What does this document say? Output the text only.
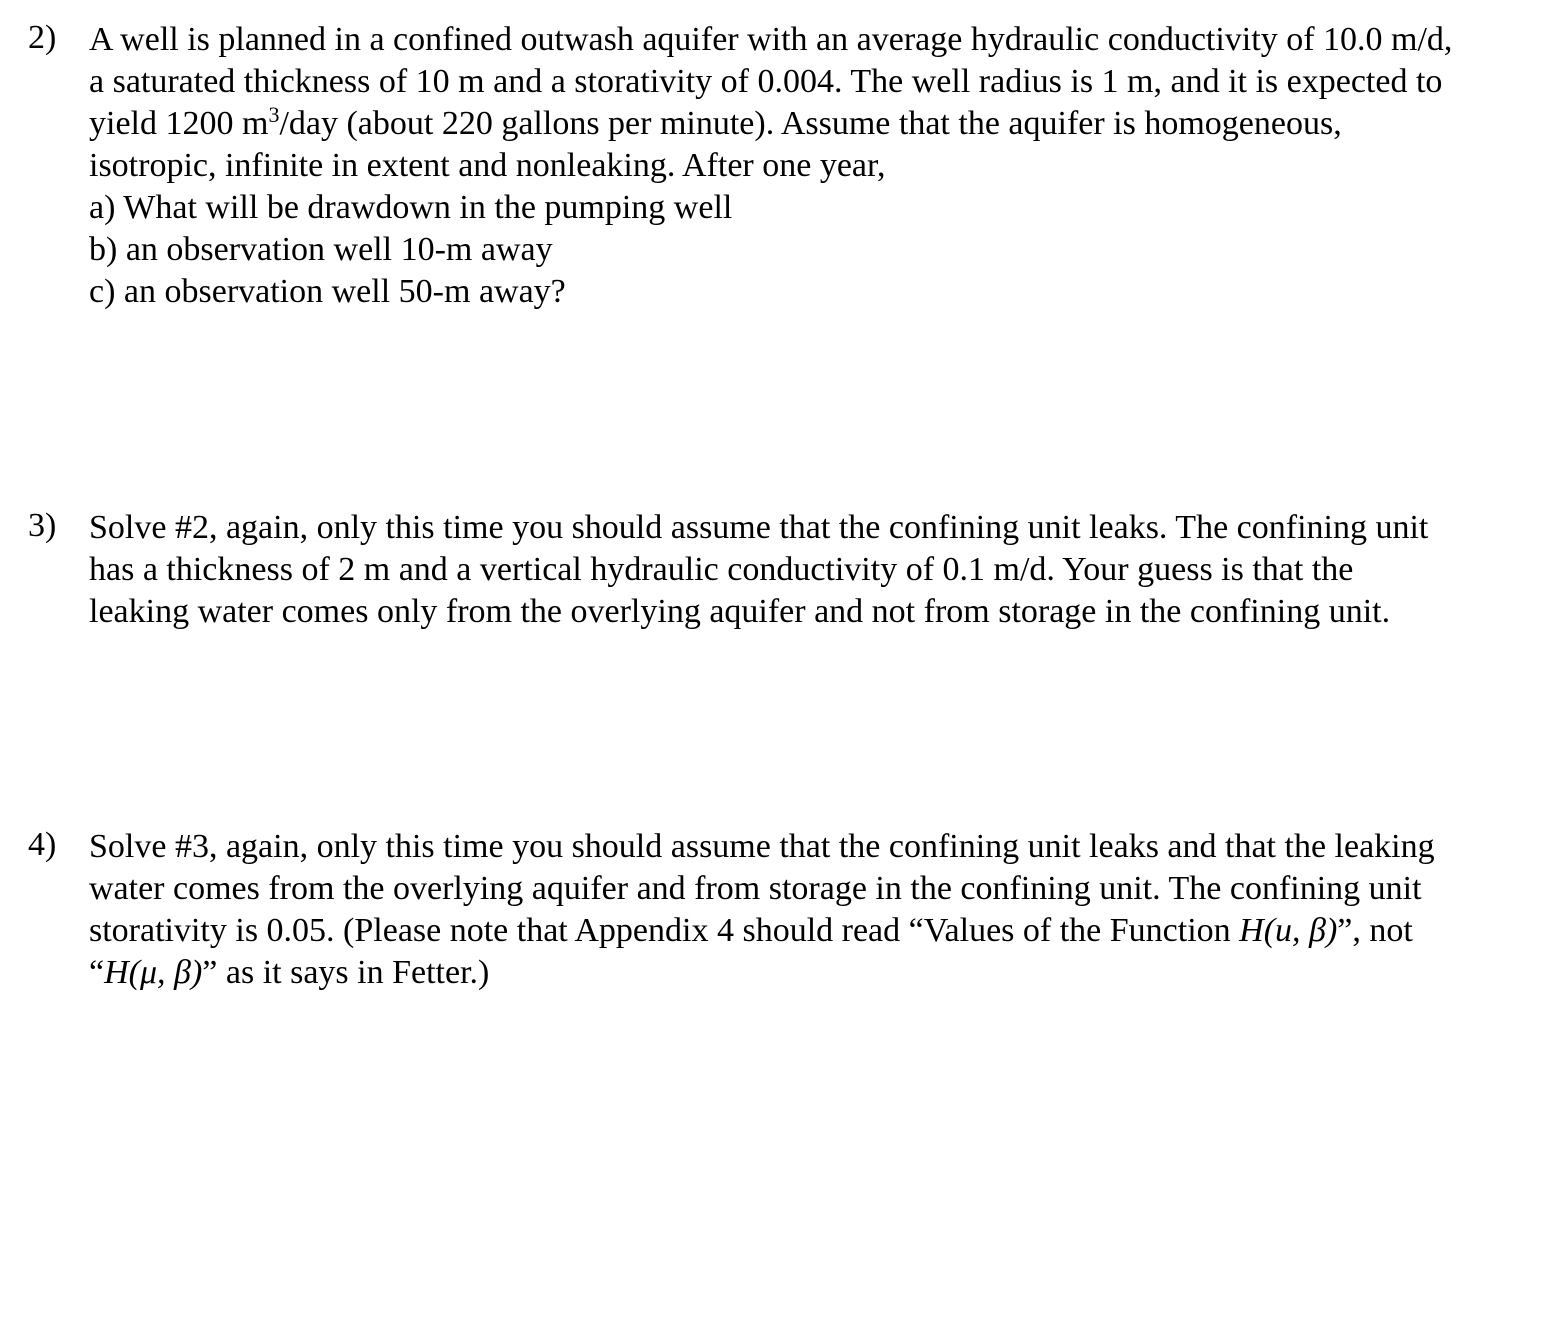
2) A well is planned in a confined outwash aquifer with an average hydraulic conductivity of 10.0 m/d,
a saturated thickness of 10 m and a storativity of 0.004. The well radius is 1 m, and it is expected to
yield 1200 $m^3$/day (about 220 gallons per minute). Assume that the aquifer is homogeneous,
isotropic, infinite in extent and nonleaking. After one year,
a) What will be drawdown in the pumping well
b) an observation well 10-m away
c) an observation well 50-m away?
3) Solve #2, again, only this time you should assume that the confining unit leaks. The confining unit
has a thickness of 2 m and a vertical hydraulic conductivity of 0.1 m/d. Your guess is that the
leaking water comes only from the overlying aquifer and not from storage in the confining unit.
4) Solve #3, again, only this time you should assume that the confining unit leaks and that the leaking
water comes from the overlying aquifer and from storage in the confining unit. The confining unit
storativity is 0.05. (Please note that Appendix 4 should read “Values of the Function H(u, β)”, not
“H(μ, β)” as it says in Fetter.)
